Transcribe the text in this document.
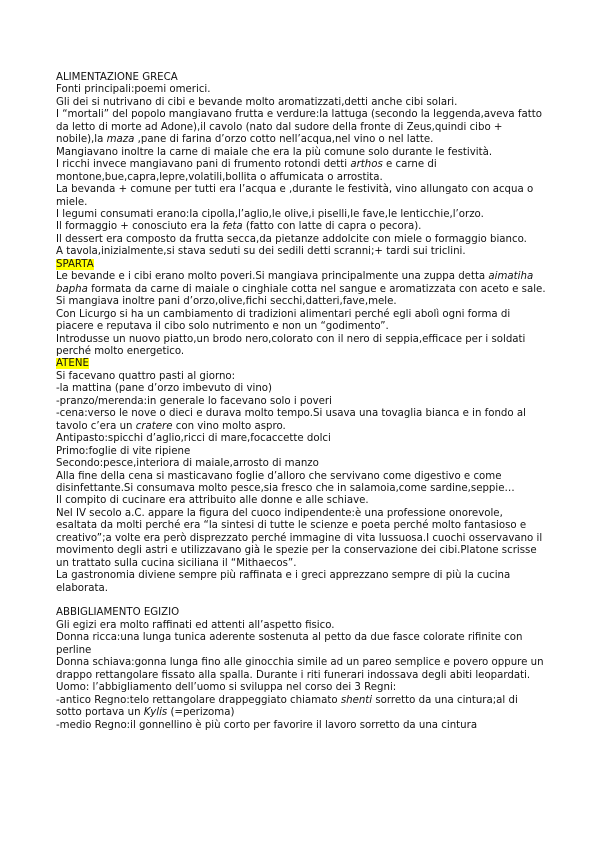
ALIMENTAZIONE GRECA

Fonti principali:poemi omerici.

Gli dei si nutrivano di cibi e bevande molto aromatizzati,detti anche cibi solari.

I “mortali” del popolo mangiavano frutta e verdure:la lattuga (secondo la leggenda,aveva fatto da letto di morte ad Adone),il cavolo (nato dal sudore della fronte di Zeus,quindi cibo + nobile),la maza ,pane di farina d’orzo cotto nell’acqua,nel vino o nel latte.

Mangiavano inoltre la carne di maiale che era la più comune solo durante le festività.

I ricchi invece mangiavano pani di frumento rotondi detti arthos e carne di montone,bue,capra,lepre,volatili,bollita o affumicata o arrostita.

La bevanda + comune per tutti era l’acqua e ,durante le festività, vino allungato con acqua o miele.

I legumi consumati erano:la cipolla,l’aglio,le olive,i piselli,le fave,le lenticchie,l’orzo.

Il formaggio + conosciuto era la feta (fatto con latte di capra o pecora).

Il dessert era composto da frutta secca,da pietanze addolcite con miele o formaggio bianco.

A tavola,inizialmente,si stava seduti su dei sedili detti scranni;+ tardi sui triclini.

SPARTA

Le bevande e i cibi erano molto poveri.Si mangiava principalmente una zuppa detta aimatiha bapha formata da carne di maiale o cinghiale cotta nel sangue e aromatizzata con aceto e sale.

Si mangiava inoltre pani d’orzo,olive,fichi secchi,datteri,fave,mele.

Con Licurgo si ha un cambiamento di tradizioni alimentari perché egli abolì ogni forma di piacere e reputava il cibo solo nutrimento e non un “godimento”.

Introdusse un nuovo piatto,un brodo nero,colorato con il nero di seppia,efficace per i soldati perché molto energetico.

ATENE

Si facevano quattro pasti al giorno:

-la mattina (pane d’orzo imbevuto di vino)

-pranzo/merenda:in generale lo facevano solo i poveri

-cena:verso le nove o dieci e durava molto tempo.Si usava una tovaglia bianca e in fondo al tavolo c’era un cratere con vino molto aspro.

Antipasto:spicchi d’aglio,ricci di mare,focaccette dolci

Primo:foglie di vite ripiene

Secondo:pesce,interiora di maiale,arrosto di manzo

Alla fine della cena si masticavano foglie d’alloro che servivano come digestivo e come disinfettante.Si consumava molto pesce,sia fresco che in salamoia,come sardine,seppie…

Il compito di cucinare era attribuito alle donne e alle schiave.

Nel IV secolo a.C. appare la figura del cuoco indipendente:è una professione onorevole, esaltata da molti perché era “la sintesi di tutte le scienze e poeta perché molto fantasioso e creativo”;a volte era però disprezzato perché immagine di vita lussuosa.I cuochi osservavano il movimento degli astri e utilizzavano già le spezie per la conservazione dei cibi.Platone scrisse un trattato sulla cucina siciliana il “Mithaecos”.

La gastronomia diviene sempre più raffinata e i greci apprezzano sempre di più la cucina elaborata.

ABBIGLIAMENTO EGIZIO

Gli egizi era molto raffinati ed attenti all’aspetto fisico.

Donna ricca:una lunga tunica aderente sostenuta al petto da due fasce colorate rifinite con perline

Donna schiava:gonna lunga fino alle ginocchia simile ad un pareo semplice e povero oppure un drappo rettangolare fissato alla spalla. Durante i riti funerari indossava degli abiti leopardati.

Uomo: l’abbigliamento dell’uomo si sviluppa nel corso dei 3 Regni:

-antico Regno:telo rettangolare drappeggiato chiamato shenti sorretto da una cintura;al di sotto portava un Kylis (=perizoma)

-medio Regno:il gonnellino è più corto per favorire il lavoro sorretto da una cintura
